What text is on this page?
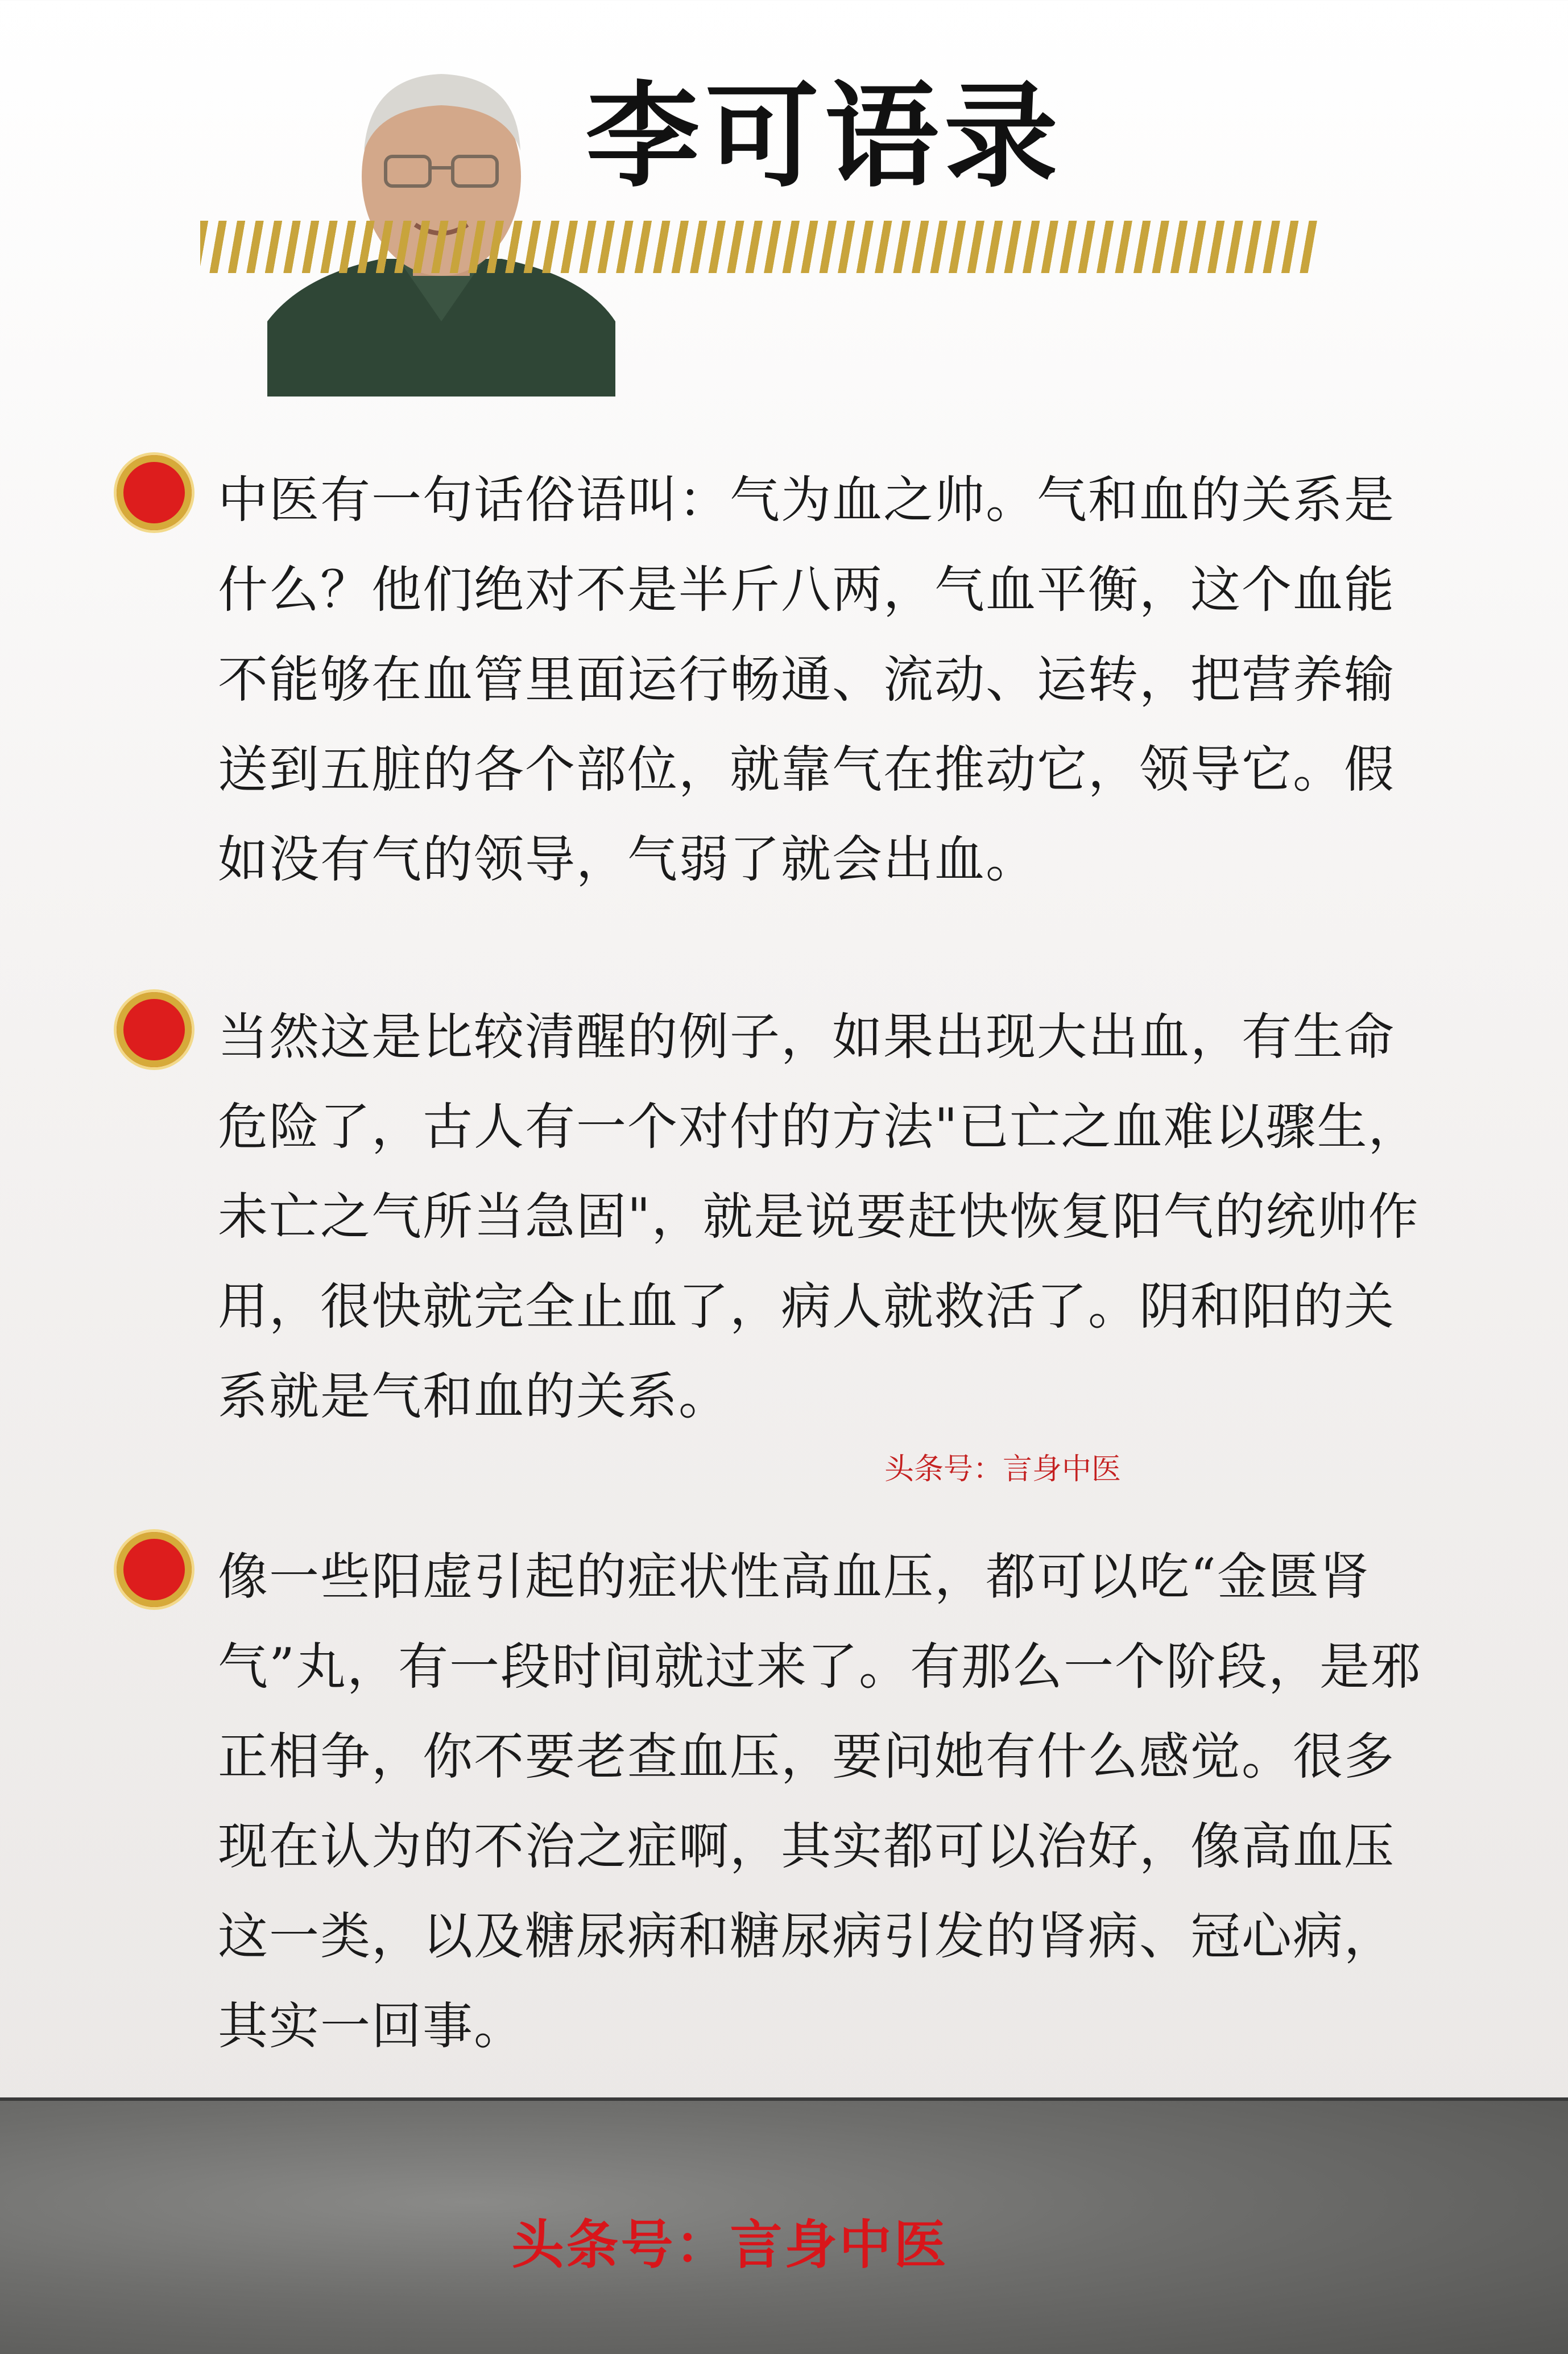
李可语录

中医有一句话俗语叫：气为血之帅。气和血的关系是什么？他们绝对不是半斤八两，气血平衡，这个血能不能够在血管里面运行畅通、流动、运转，把营养输送到五脏的各个部位，就靠气在推动它，领导它。假如没有气的领导，气弱了就会出血。

当然这是比较清醒的例子，如果出现大出血，有生命危险了，古人有一个对付的方法"已亡之血难以骤生，未亡之气所当急固"，就是说要赶快恢复阳气的统帅作用，很快就完全止血了，病人就救活了。阴和阳的关系就是气和血的关系。

头条号：言身中医

像一些阳虚引起的症状性高血压，都可以吃“金匮肾气”丸，有一段时间就过来了。有那么一个阶段，是邪正相争，你不要老查血压，要问她有什么感觉。很多现在认为的不治之症啊，其实都可以治好，像高血压这一类，以及糖尿病和糖尿病引发的肾病、冠心病，其实一回事。

头条号：言身中医
